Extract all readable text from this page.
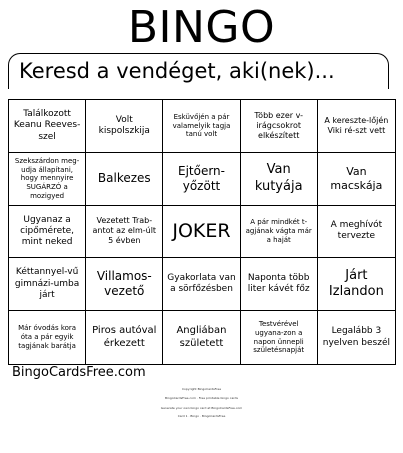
BINGO
Keresd a vendéget, aki(nek)...
Találkozott Keanu Reeves-szel
Volt kispolszkija
Esküvőjén a pár valamelyik tagja tanú volt
Több ezer v-irágcsokrot elkészített
A kereszte-lőjén Viki ré-szt vett
Szekszárdon meg-udja állapítani, hogy mennyire SUGÁRZÓ a mozigyed
Balkezes
Ejtőern-yőzött
Van kutyája
Van macskája
Ugyanaz a cipőmérete, mint neked
Vezetett Trab-antot az elm-últ 5 évben	JOKER	A pár mindkét t-agjának vágta már a haját
A meghívót tervezte
Kéttannyel-vű gimnázi-umba járt
Villamos-vezető
Gyakorlata van a sörfőzésben
Naponta több liter kávét főz
Járt Izlandon
Már óvodás kora óta a pár egyik tagjának barátja
Piros autóval érkezett
Angliában született
Testvérével ugyana-zon a napon ünnepli születésnapját
Legalább 3 nyelven beszél
BingoCardsFree.com
Copyright BingoCardsFree
BingoCardsFree.com · Free printable bingo cards
Generate your own bingo card at BingoCardsFree.com
Card 1 · Bingo · BingoCardsFree
